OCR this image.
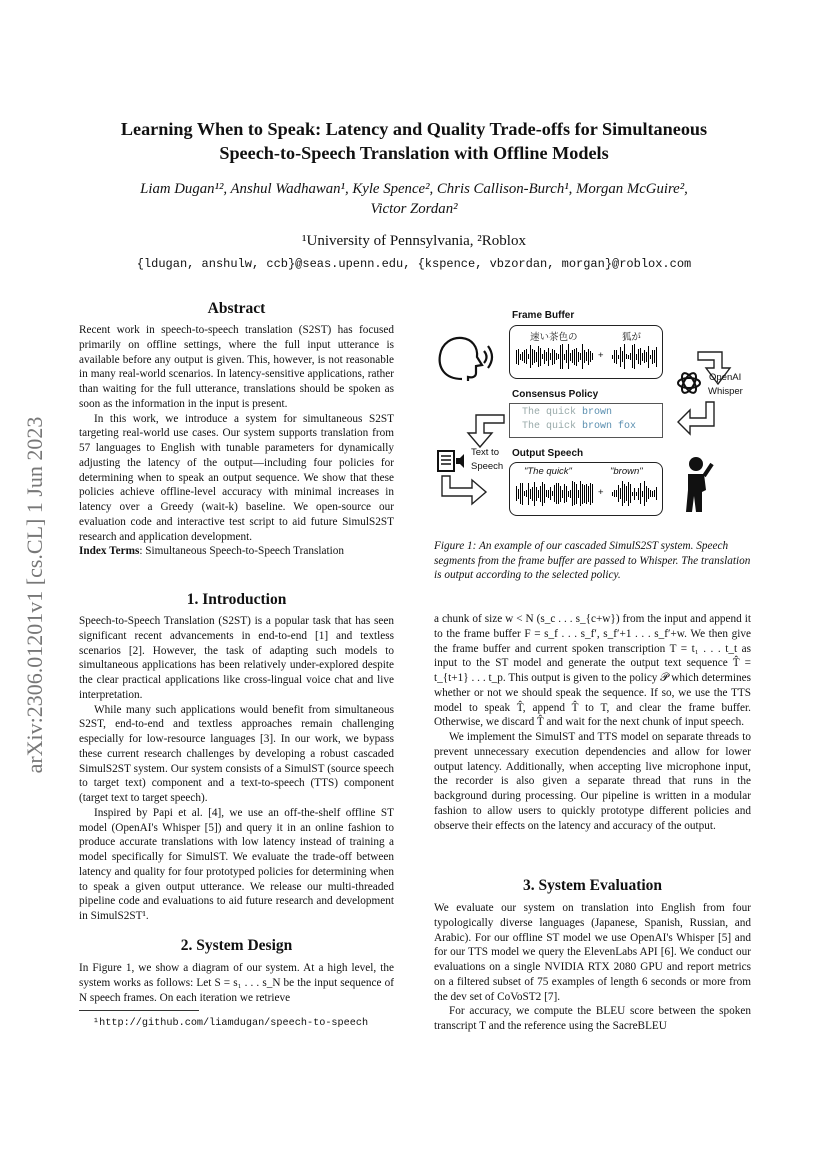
arXiv:2306.01201v1 [cs.CL] 1 Jun 2023
Learning When to Speak: Latency and Quality Trade-offs for Simultaneous
Speech-to-Speech Translation with Offline Models
Liam Dugan¹², Anshul Wadhawan¹, Kyle Spence², Chris Callison-Burch¹, Morgan McGuire²,
Victor Zordan²
¹University of Pennsylvania, ²Roblox
{ldugan, anshulw, ccb}@seas.upenn.edu, {kspence, vbzordan, morgan}@roblox.com
Abstract

Recent work in speech-to-speech translation (S2ST) has focused primarily on offline settings, where the full input utterance is available before any output is given. This, however, is not reasonable in many real-world scenarios. In latency-sensitive applications, rather than waiting for the full utterance, translations should be spoken as soon as the information in the input is present.

In this work, we introduce a system for simultaneous S2ST targeting real-world use cases. Our system supports translation from 57 languages to English with tunable parameters for dynamically adjusting the latency of the output—including four policies for determining when to speak an output sequence. We show that these policies achieve offline-level accuracy with minimal increases in latency over a Greedy (wait-k) baseline. We open-source our evaluation code and interactive test script to aid future SimulS2ST research and application development.

Index Terms: Simultaneous Speech-to-Speech Translation

1. Introduction

Speech-to-Speech Translation (S2ST) is a popular task that has seen significant recent advancements in end-to-end [1] and textless scenarios [2]. However, the task of adapting such models to simultaneous applications has been relatively under-explored despite the clear practical applications like cross-lingual voice chat and live interpretation.

While many such applications would benefit from simultaneous S2ST, end-to-end and textless approaches remain challenging especially for low-resource languages [3]. In our work, we bypass these current research challenges by developing a robust cascaded SimulS2ST system. Our system consists of a SimulST (source speech to target text) component and a text-to-speech (TTS) component (target text to target speech).

Inspired by Papi et al. [4], we use an off-the-shelf offline ST model (OpenAI's Whisper [5]) and query it in an online fashion to produce accurate translations with low latency instead of training a model specifically for SimulST. We evaluate the trade-off between latency and quality for four prototyped policies for determining when to speak a given output utterance. We release our multi-threaded pipeline code and evaluations to aid future research and development in SimulS2ST¹.

2. System Design

In Figure 1, we show a diagram of our system. At a high level, the system works as follows: Let S = s₁ . . . s_N be the input sequence of N speech frames. On each iteration we retrieve

¹http://github.com/liamdugan/speech-to-speech
Frame Buffer
速い茶色の	狐が
+
OpenAI
Whisper
Consensus Policy
The quick brown
The quick brown fox
Text to
Speech
Output Speech
"The quick"	"brown"
+
Figure 1: An example of our cascaded SimulS2ST system. Speech segments from the frame buffer are passed to Whisper. The translation is output according to the selected policy.

a chunk of size w < N (s_c . . . s_{c+w}) from the input and append it to the frame buffer F = s_f . . . s_f′, s_f′+1 . . . s_f′+w. We then give the frame buffer and current spoken transcription T = t₁ . . . t_t as input to the ST model and generate the output text sequence T̂ = t_{t+1} . . . t_p. This output is given to the policy 𝒫 which determines whether or not we should speak the sequence. If so, we use the TTS model to speak T̂, append T̂ to T, and clear the frame buffer. Otherwise, we discard T̂ and wait for the next chunk of input speech.

We implement the SimulST and TTS model on separate threads to prevent unnecessary execution dependencies and allow for lower output latency. Additionally, when accepting live microphone input, the recorder is also given a separate thread that runs in the background during processing. Our pipeline is written in a modular fashion to allow users to quickly prototype different policies and observe their effects on the latency and accuracy of the output.

3. System Evaluation

We evaluate our system on translation into English from four typologically diverse languages (Japanese, Spanish, Russian, and Arabic). For our offline ST model we use OpenAI's Whisper [5] and for our TTS model we query the ElevenLabs API [6]. We conduct our evaluations on a single NVIDIA RTX 2080 GPU and report metrics on a filtered subset of 75 examples of length 6 seconds or more from the dev set of CoVoST2 [7].

For accuracy, we compute the BLEU score between the spoken transcript T and the reference using the SacreBLEU
